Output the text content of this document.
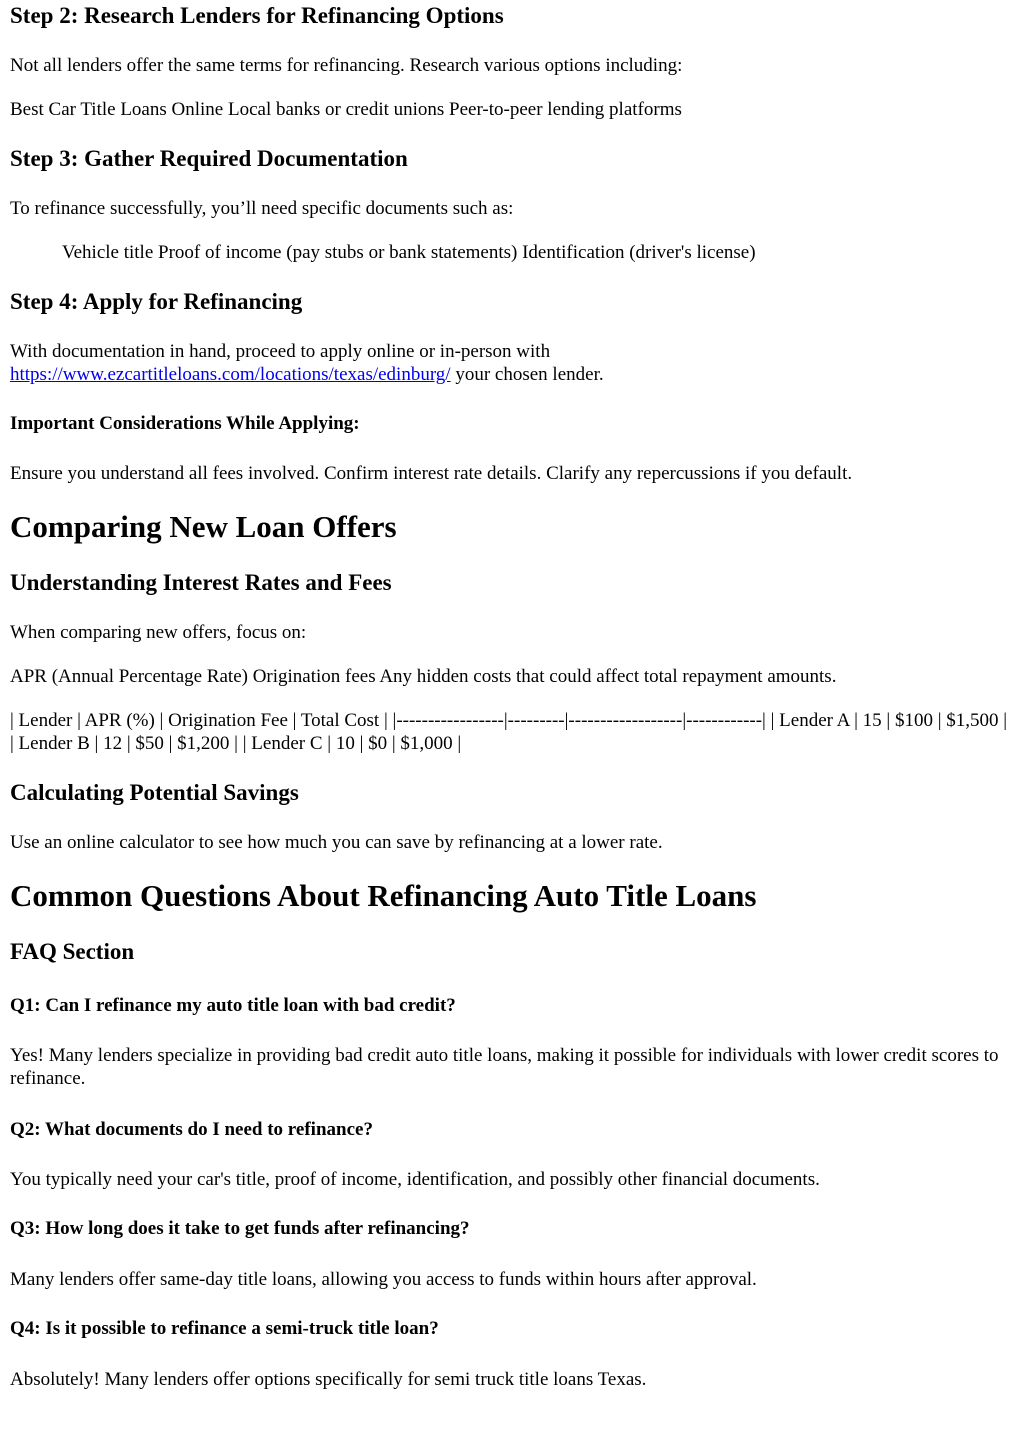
Step 2: Research Lenders for Refinancing Options

Not all lenders offer the same terms for refinancing. Research various options including:

Best Car Title Loans Online Local banks or credit unions Peer-to-peer lending platforms

Step 3: Gather Required Documentation

To refinance successfully, you’ll need specific documents such as:

Vehicle title Proof of income (pay stubs or bank statements) Identification (driver's license)

Step 4: Apply for Refinancing

With documentation in hand, proceed to apply online or in-person with
https://www.ezcartitleloans.com/locations/texas/edinburg/ your chosen lender.

Important Considerations While Applying:

Ensure you understand all fees involved. Confirm interest rate details. Clarify any repercussions if you default.

Comparing New Loan Offers
Understanding Interest Rates and Fees

When comparing new offers, focus on:

APR (Annual Percentage Rate) Origination fees Any hidden costs that could affect total repayment amounts.

| Lender | APR (%) | Origination Fee | Total Cost | |-----------------|---------|------------------|------------| | Lender A | 15 | $100 | $1,500 | | Lender B | 12 | $50 | $1,200 | | Lender C | 10 | $0 | $1,000 |

Calculating Potential Savings

Use an online calculator to see how much you can save by refinancing at a lower rate.

Common Questions About Refinancing Auto Title Loans
FAQ Section
Q1: Can I refinance my auto title loan with bad credit?

Yes! Many lenders specialize in providing bad credit auto title loans, making it possible for individuals with lower credit scores to refinance.

Q2: What documents do I need to refinance?

You typically need your car's title, proof of income, identification, and possibly other financial documents.

Q3: How long does it take to get funds after refinancing?

Many lenders offer same-day title loans, allowing you access to funds within hours after approval.

Q4: Is it possible to refinance a semi-truck title loan?

Absolutely! Many lenders offer options specifically for semi truck title loans Texas.
